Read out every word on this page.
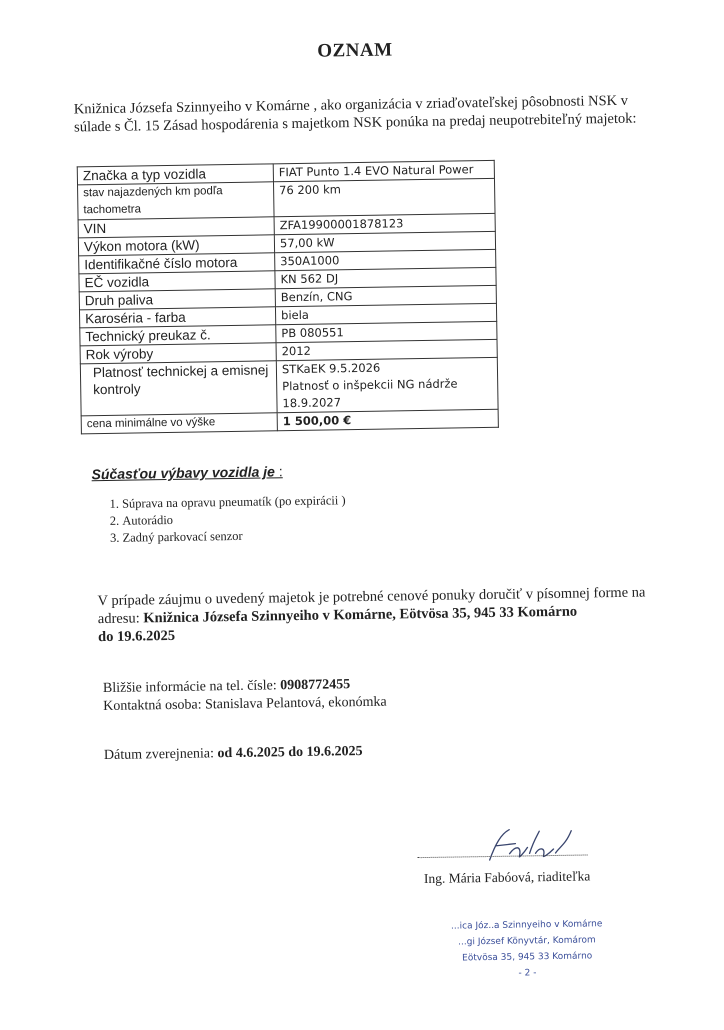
OZNAM
Knižnica Józsefa Szinnyeiho v Komárne , ako organizácia v zriaďovateľskej pôsobnosti NSK v súlade s Čl. 15 Zásad hospodárenia s majetkom NSK ponúka na predaj neupotrebiteľný majetok:
Značka a typ vozidla	FIAT Punto 1.4 EVO Natural Power
stav najazdených km podľa tachometra	76 200 km
VIN	ZFA19900001878123
Výkon motora (kW)	57,00 kW
Identifikačné číslo motora	350A1000
EČ vozidla	KN 562 DJ
Druh paliva	Benzín, CNG
Karoséria - farba	biela
Technický preukaz č.	PB 080551
Rok výroby	2012
Platnosť technickej a emisnej kontroly	STKaEK 9.5.2026
Platnosť o inšpekcii NG nádrže
18.9.2027

cena minimálne vo výške	1 500,00 €
Súčasťou výbavy vozidla je :
1. Súprava na opravu pneumatík (po expirácii )
2. Autorádio
3. Zadný parkovací senzor
V prípade záujmu o uvedený majetok je potrebné cenové ponuky doručiť v písomnej forme na adresu: Knižnica Józsefa Szinnyeiho v Komárne, Eötvösa 35, 945 33 Komárno
do 19.6.2025
Bližšie informácie na tel. čísle: 0908772455
Kontaktná osoba: Stanislava Pelantová, ekonómka
Dátum zverejnenia: od 4.6.2025 do 19.6.2025
Ing. Mária Fabóová, riaditeľka
...ica Józ..a Szinnyeiho v Komárne
...gi József Könyvtár, Komárom
Eötvösa 35, 945 33 Komárno
- 2 -
